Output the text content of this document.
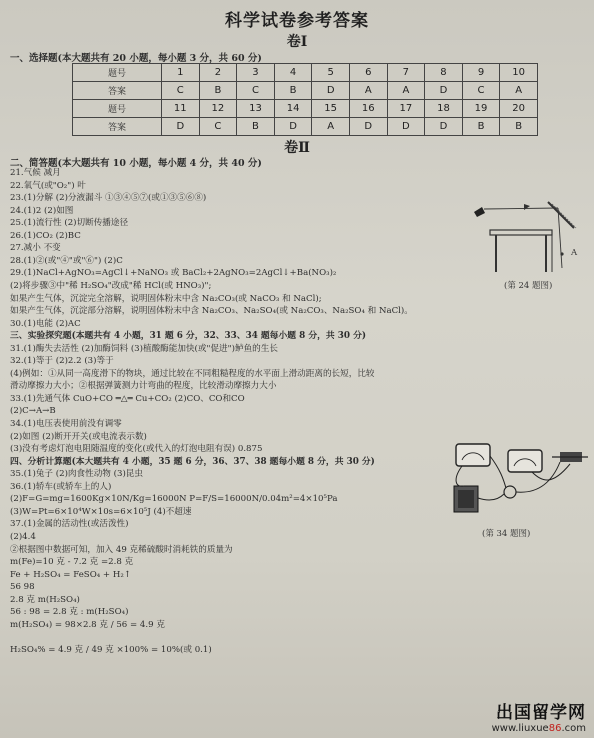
科学试卷参考答案
卷Ⅰ
一、选择题(本大题共有 20 小题，每小题 3 分，共 60 分)
题号	1	2	3	4	5	6	7	8	9	10
答案	C	B	C	B	D	A	A	D	C	A
题号	11	12	13	14	15	16	17	18	19	20
答案	D	C	B	D	A	D	D	D	B	B
卷Ⅱ
二、简答题(本大题共有 10 小题，每小题 4 分，共 40 分)
21.气候 减月
22.氧气(或"O₂") 叶
23.(1)分解 (2)分液漏斗 ①③④⑤⑦(或①③⑤⑥⑧)
24.(1)2 (2)如图
25.(1)流行性 (2)切断传播途径
26.(1)CO₂ (2)BC
27.减小 不变
28.(1)②(或"④"或"⑥") (2)C
29.(1)NaCl+AgNO₃=AgCl↓+NaNO₃ 或 BaCl₂+2AgNO₃=2AgCl↓+Ba(NO₃)₂
(2)将步骤③中"稀 H₂SO₄"改成"稀 HCl(或 HNO₃)";
如果产生气体，沉淀完全溶解，说明固体粉末中含 Na₂CO₃(或 NaCO₃ 和 NaCl);
如果产生气体，沉淀部分溶解，说明固体粉末中含 Na₂CO₃、Na₂SO₄(或 Na₂CO₃、Na₂SO₄ 和 NaCl)。
30.(1)电能 (2)AC
三、实验探究题(本题共有 4 小题，31 题 6 分，32、33、34 题每小题 8 分，共 30 分)
31.(1)酶失去活性 (2)加酶饲料 (3)植酸酶能加快(或"促进")鲈鱼的生长
32.(1)等于 (2)2.2 (3)等于
(4)例如：①从同一高度滑下的物块，通过比较在不同粗糙程度的水平面上滑动距离的长短，比较
滑动摩擦力大小；②根据弹簧测力计弯曲的程度，比较滑动摩擦力大小
33.(1)先通气体 CuO+CO ═△═ Cu+CO₂ (2)CO、CO和CO
(2)C→A→B
34.(1)电压表使用前没有调零
(2)如图 (2)断开开关(或电流表示数)
(3)没有考虑灯泡电阻随温度的变化(或代入的灯泡电阻有误) 0.875
四、分析计算题(本大题共有 4 小题，35 题 6 分，36、37、38 题每小题 8 分，共 30 分)
35.(1)兔子 (2)肉食性动物 (3)昆虫
36.(1)轿车(或轿车上的人)
(2)F=G=mg=1600Kg×10N/Kg=16000N P=F/S=16000N/0.04m²=4×10⁵Pa
(3)W=Pt=6×10⁴W×10s=6×10⁵J (4)不超速
37.(1)金属的活动性(或活泼性)
(2)4.4
②根据图中数据可知，加入 49 克稀硫酸时消耗铁的质量为
m(Fe)=10 克 - 7.2 克 =2.8 克
Fe + H₂SO₄ = FeSO₄ + H₂↑
56 98
2.8 克 m(H₂SO₄)
56 : 98 = 2.8 克 : m(H₂SO₄)
m(H₂SO₄) = 98×2.8 克 / 56 = 4.9 克
H₂SO₄% = 4.9 克 / 49 克 ×100% = 10%(或 0.1)
(第 24 题图)
A
(第 34 题图)
出国留学网
www.liuxue86.com
